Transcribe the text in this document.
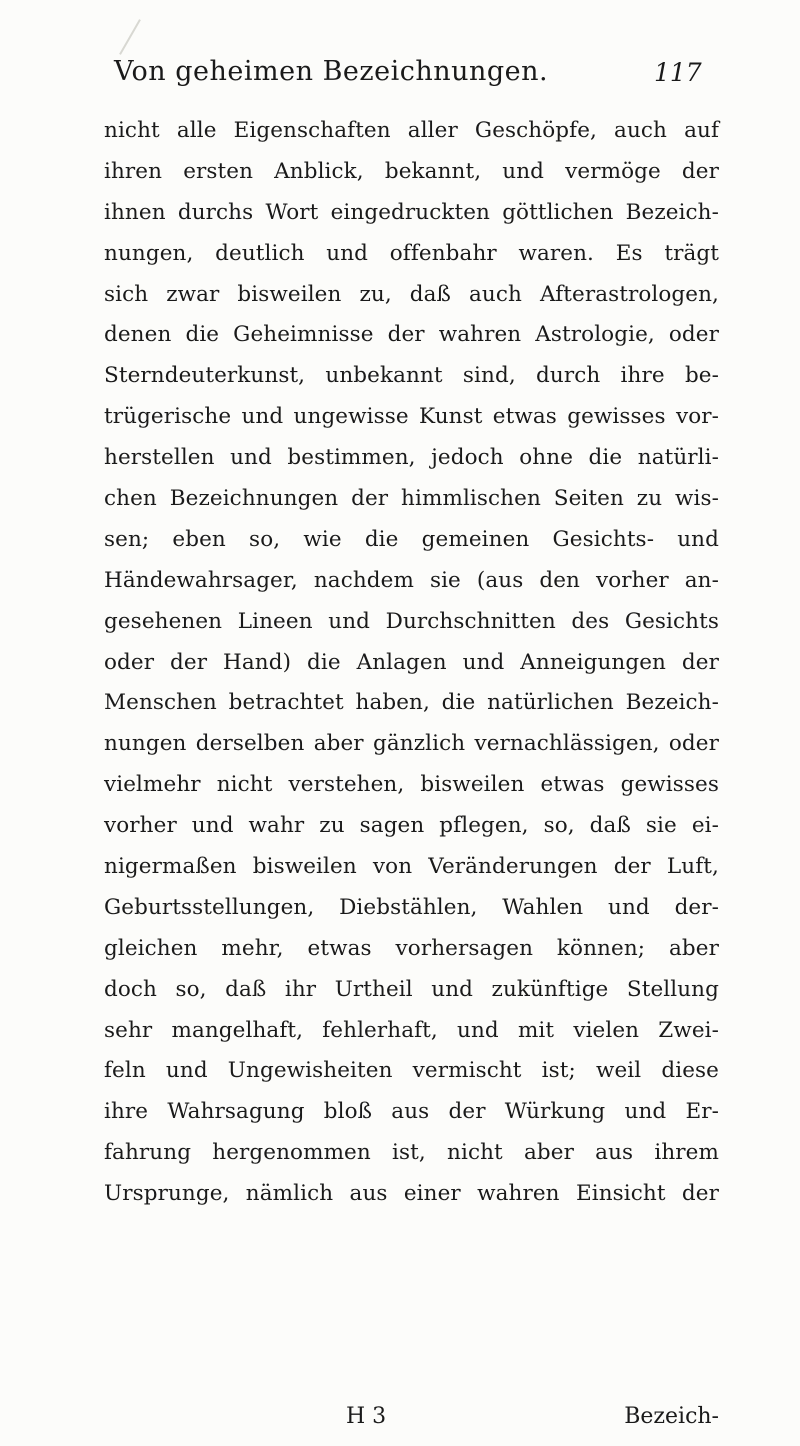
Von geheimen Bezeichnungen.	117
nicht alle Eigenschaften aller Geschöpfe, auch auf
ihren ersten Anblick, bekannt, und vermöge der
ihnen durchs Wort eingedruckten göttlichen Bezeich-
nungen, deutlich und offenbahr waren. Es trägt
sich zwar bisweilen zu, daß auch Afterastrologen,
denen die Geheimnisse der wahren Astrologie, oder
Sterndeuterkunst, unbekannt sind, durch ihre be-
trügerische und ungewisse Kunst etwas gewisses vor-
herstellen und bestimmen, jedoch ohne die natürli-
chen Bezeichnungen der himmlischen Seiten zu wis-
sen; eben so, wie die gemeinen Gesichts- und
Händewahrsager, nachdem sie (aus den vorher an-
gesehenen Lineen und Durchschnitten des Gesichts
oder der Hand) die Anlagen und Anneigungen der
Menschen betrachtet haben, die natürlichen Bezeich-
nungen derselben aber gänzlich vernachlässigen, oder
vielmehr nicht verstehen, bisweilen etwas gewisses
vorher und wahr zu sagen pflegen, so, daß sie ei-
nigermaßen bisweilen von Veränderungen der Luft,
Geburtsstellungen, Diebstählen, Wahlen und der-
gleichen mehr, etwas vorhersagen können; aber
doch so, daß ihr Urtheil und zukünftige Stellung
sehr mangelhaft, fehlerhaft, und mit vielen Zwei-
feln und Ungewisheiten vermischt ist; weil diese
ihre Wahrsagung bloß aus der Würkung und Er-
fahrung hergenommen ist, nicht aber aus ihrem
Ursprunge, nämlich aus einer wahren Einsicht der
H 3	Bezeich-
